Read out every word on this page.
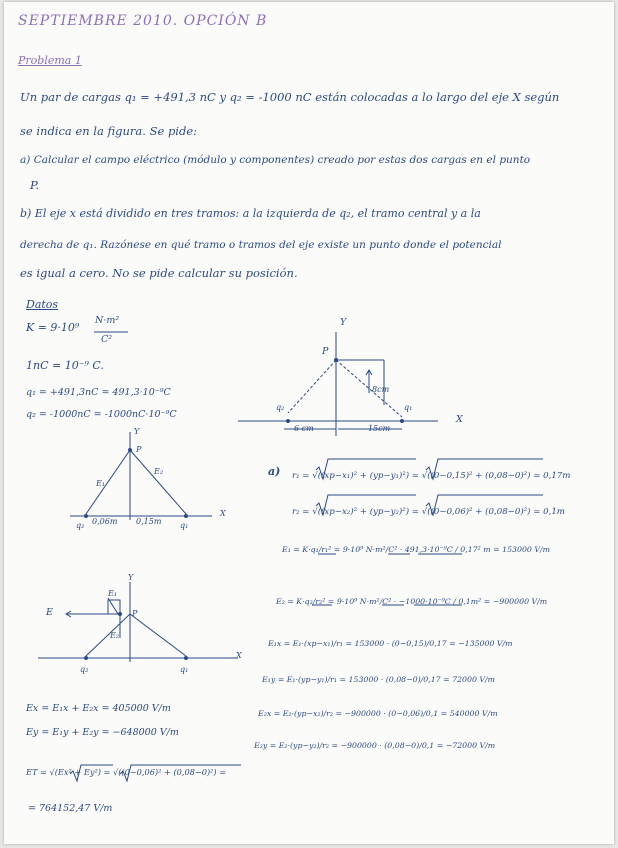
SEPTIEMBRE 2010. OPCIÓN B
Problema 1
Un par de cargas q₁ = +491,3 nC y q₂ = -1000 nC están colocadas a lo largo del eje X según
se indica en la figura. Se pide:
a) Calcular el campo eléctrico (módulo y componentes) creado por estas dos cargas en el punto
P.
b) El eje x está dividido en tres tramos: a la izquierda de q₂, el tramo central y a la
derecha de q₁. Razónese en qué tramo o tramos del eje existe un punto donde el potencial
es igual a cero. No se pide calcular su posición.
Datos
K = 9·10⁹
N·m²
C²
1nC = 10⁻⁹ C.
q₁ = +491,3nC = 491,3·10⁻⁹C
q₂ = -1000nC = -1000nC·10⁻⁹C
Y
X
P
q₂	q₁
8cm
6 cm	15cm
Y
X
P
E₁
E₂
q₂	q₁
0,06m 0,15m
Y
X
P
E
E₁
E₂
q₂	q₁
a) r₁ = √((xp−x₁)² + (yp−y₁)²) = √((0−0,15)² + (0,08−0)²) = 0,17m
r₂ = √((xp−x₂)² + (yp−y₂)²) = √((0−0,06)² + (0,08−0)²) = 0,1m
E₁ = K·q₁/r₁² = 9·10⁹ N·m²/C² · 491,3·10⁻⁹C / 0,17² m = 153000 V/m
E₂ = K·q₂/r₂² = 9·10⁹ N·m²/C² · −1000·10⁻⁹C / 0,1m² = −900000 V/m
E₁x = E₁·(xp−x₁)/r₁ = 153000 · (0−0,15)/0,17 = −135000 V/m
E₁y = E₁·(yp−y₁)/r₁ = 153000 · (0,08−0)/0,17 = 72000 V/m
E₂x = E₂·(yp−x₂)/r₂ = −900000 · (0−0,06)/0,1 = 540000 V/m
E₂y = E₂·(yp−y₂)/r₂ = −900000 · (0,08−0)/0,1 = −72000 V/m
Ex = E₁x + E₂x = 405000 V/m
Ey = E₁y + E₂y = −648000 V/m
ET = √(Ex² + Ey²) = √((0−0,06)² + (0,08−0)²) =
= 764152,47 V/m
